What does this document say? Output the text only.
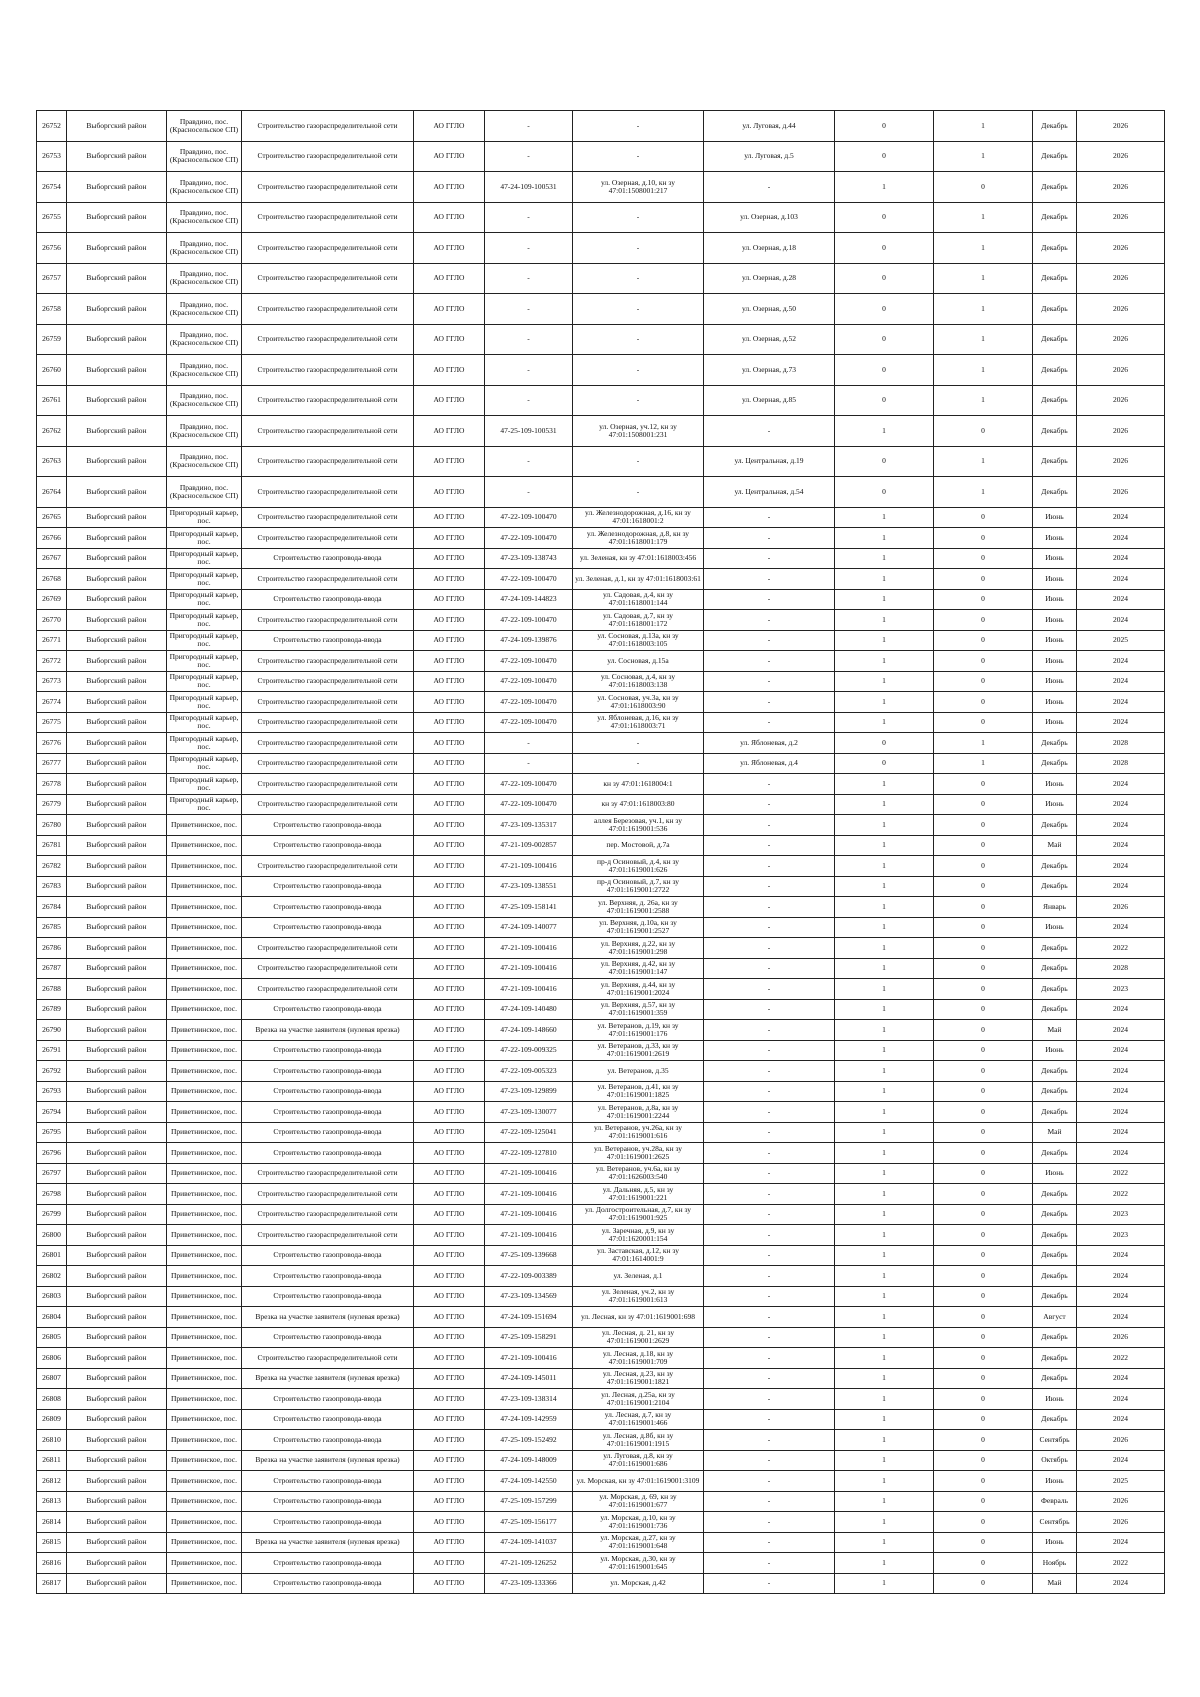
26752	Выборгский район	Правдино, пос. (Красносельское СП)	Строительство газораспределительной сети	АО ГГЛО	-	-	ул. Луговая, д.44	0	1	Декабрь	2026
26753	Выборгский район	Правдино, пос. (Красносельское СП)	Строительство газораспределительной сети	АО ГГЛО	-	-	ул. Луговая, д.5	0	1	Декабрь	2026
26754	Выборгский район	Правдино, пос. (Красносельское СП)	Строительство газораспределительной сети	АО ГГЛО	47-24-109-100531	ул. Озерная, д.10, кн зу 47:01:1508001:217	-	1	0	Декабрь	2026
26755	Выборгский район	Правдино, пос. (Красносельское СП)	Строительство газораспределительной сети	АО ГГЛО	-	-	ул. Озерная, д.103	0	1	Декабрь	2026
26756	Выборгский район	Правдино, пос. (Красносельское СП)	Строительство газораспределительной сети	АО ГГЛО	-	-	ул. Озерная, д.18	0	1	Декабрь	2026
26757	Выборгский район	Правдино, пос. (Красносельское СП)	Строительство газораспределительной сети	АО ГГЛО	-	-	ул. Озерная, д.28	0	1	Декабрь	2026
26758	Выборгский район	Правдино, пос. (Красносельское СП)	Строительство газораспределительной сети	АО ГГЛО	-	-	ул. Озерная, д.50	0	1	Декабрь	2026
26759	Выборгский район	Правдино, пос. (Красносельское СП)	Строительство газораспределительной сети	АО ГГЛО	-	-	ул. Озерная, д.52	0	1	Декабрь	2026
26760	Выборгский район	Правдино, пос. (Красносельское СП)	Строительство газораспределительной сети	АО ГГЛО	-	-	ул. Озерная, д.73	0	1	Декабрь	2026
26761	Выборгский район	Правдино, пос. (Красносельское СП)	Строительство газораспределительной сети	АО ГГЛО	-	-	ул. Озерная, д.85	0	1	Декабрь	2026
26762	Выборгский район	Правдино, пос. (Красносельское СП)	Строительство газораспределительной сети	АО ГГЛО	47-25-109-100531	ул. Озерная, уч.12, кн зу 47:01:1508001:231	-	1	0	Декабрь	2026
26763	Выборгский район	Правдино, пос. (Красносельское СП)	Строительство газораспределительной сети	АО ГГЛО	-	-	ул. Центральная, д.19	0	1	Декабрь	2026
26764	Выборгский район	Правдино, пос. (Красносельское СП)	Строительство газораспределительной сети	АО ГГЛО	-	-	ул. Центральная, д.54	0	1	Декабрь	2026
26765	Выборгский район	Пригородный карьер, пос.	Строительство газораспределительной сети	АО ГГЛО	47-22-109-100470	ул. Железнодорожная, д.16, кн зу 47:01:1618001:2	-	1	0	Июнь	2024
26766	Выборгский район	Пригородный карьер, пос.	Строительство газораспределительной сети	АО ГГЛО	47-22-109-100470	ул. Железнодорожная, д.8, кн зу 47:01:1618001:179	-	1	0	Июнь	2024
26767	Выборгский район	Пригородный карьер, пос.	Строительство газопровода-ввода	АО ГГЛО	47-23-109-138743	ул. Зеленая, кн зу 47:01:1618003:456	-	1	0	Июнь	2024
26768	Выборгский район	Пригородный карьер, пос.	Строительство газораспределительной сети	АО ГГЛО	47-22-109-100470	ул. Зеленая, д.1, кн зу 47:01:1618003:61	-	1	0	Июнь	2024
26769	Выборгский район	Пригородный карьер, пос.	Строительство газопровода-ввода	АО ГГЛО	47-24-109-144823	ул. Садовая, д.4, кн зу 47:01:1618001:144	-	1	0	Июнь	2024
26770	Выборгский район	Пригородный карьер, пос.	Строительство газораспределительной сети	АО ГГЛО	47-22-109-100470	ул. Садовая, д.7, кн зу 47:01:1618001:172	-	1	0	Июнь	2024
26771	Выборгский район	Пригородный карьер, пос.	Строительство газопровода-ввода	АО ГГЛО	47-24-109-139876	ул. Сосновая, д.13а, кн зу 47:01:1618003:105	-	1	0	Июнь	2025
26772	Выборгский район	Пригородный карьер, пос.	Строительство газораспределительной сети	АО ГГЛО	47-22-109-100470	ул. Сосновая, д.15а	-	1	0	Июнь	2024
26773	Выборгский район	Пригородный карьер, пос.	Строительство газораспределительной сети	АО ГГЛО	47-22-109-100470	ул. Сосновая, д.4, кн зу 47:01:1618003:138	-	1	0	Июнь	2024
26774	Выборгский район	Пригородный карьер, пос.	Строительство газораспределительной сети	АО ГГЛО	47-22-109-100470	ул. Сосновая, уч.3а, кн зу 47:01:1618003:90	-	1	0	Июнь	2024
26775	Выборгский район	Пригородный карьер, пос.	Строительство газораспределительной сети	АО ГГЛО	47-22-109-100470	ул. Яблоневая, д.16, кн зу 47:01:1618003:71	-	1	0	Июнь	2024
26776	Выборгский район	Пригородный карьер, пос.	Строительство газораспределительной сети	АО ГГЛО	-	-	ул. Яблоневая, д.2	0	1	Декабрь	2028
26777	Выборгский район	Пригородный карьер, пос.	Строительство газораспределительной сети	АО ГГЛО	-	-	ул. Яблоневая, д.4	0	1	Декабрь	2028
26778	Выборгский район	Пригородный карьер, пос.	Строительство газораспределительной сети	АО ГГЛО	47-22-109-100470	кн зу 47:01:1618004:1	-	1	0	Июнь	2024
26779	Выборгский район	Пригородный карьер, пос.	Строительство газораспределительной сети	АО ГГЛО	47-22-109-100470	кн зу 47:01:1618003:80	-	1	0	Июнь	2024
26780	Выборгский район	Приветнинское, пос.	Строительство газопровода-ввода	АО ГГЛО	47-23-109-135317	аллея Березовая, уч.1, кн зу 47:01:1619001:536	-	1	0	Декабрь	2024
26781	Выборгский район	Приветнинское, пос.	Строительство газопровода-ввода	АО ГГЛО	47-21-109-002857	пер. Мостовой, д.7а	-	1	0	Май	2024
26782	Выборгский район	Приветнинское, пос.	Строительство газораспределительной сети	АО ГГЛО	47-21-109-100416	пр-д Осиновый, д.4, кн зу 47:01:1619001:626	-	1	0	Декабрь	2024
26783	Выборгский район	Приветнинское, пос.	Строительство газопровода-ввода	АО ГГЛО	47-23-109-138551	пр-д Осиновый, д.7, кн зу 47:01:1619001:2722	-	1	0	Декабрь	2024
26784	Выборгский район	Приветнинское, пос.	Строительство газопровода-ввода	АО ГГЛО	47-25-109-158141	ул. Верхняя, д. 26а, кн зу 47:01:1619001:2588	-	1	0	Январь	2026
26785	Выборгский район	Приветнинское, пос.	Строительство газопровода-ввода	АО ГГЛО	47-24-109-140077	ул. Верхняя, д.10а, кн зу 47:01:1619001:2527	-	1	0	Июнь	2024
26786	Выборгский район	Приветнинское, пос.	Строительство газораспределительной сети	АО ГГЛО	47-21-109-100416	ул. Верхняя, д.22, кн зу 47:01:1619001:298	-	1	0	Декабрь	2022
26787	Выборгский район	Приветнинское, пос.	Строительство газораспределительной сети	АО ГГЛО	47-21-109-100416	ул. Верхняя, д.42, кн зу 47:01:1619001:147	-	1	0	Декабрь	2028
26788	Выборгский район	Приветнинское, пос.	Строительство газораспределительной сети	АО ГГЛО	47-21-109-100416	ул. Верхняя, д.44, кн зу 47:01:1619001:2024	-	1	0	Декабрь	2023
26789	Выборгский район	Приветнинское, пос.	Строительство газопровода-ввода	АО ГГЛО	47-24-109-140480	ул. Верхняя, д.57, кн зу 47:01:1619001:359	-	1	0	Декабрь	2024
26790	Выборгский район	Приветнинское, пос.	Врезка на участке заявителя (нулевая врезка)	АО ГГЛО	47-24-109-148660	ул. Ветеранов, д.19, кн зу 47:01:1619001:176	-	1	0	Май	2024
26791	Выборгский район	Приветнинское, пос.	Строительство газопровода-ввода	АО ГГЛО	47-22-109-009325	ул. Ветеранов, д.33, кн зу 47:01:1619001:2619	-	1	0	Июнь	2024
26792	Выборгский район	Приветнинское, пос.	Строительство газопровода-ввода	АО ГГЛО	47-22-109-005323	ул. Ветеранов, д.35	-	1	0	Декабрь	2024
26793	Выборгский район	Приветнинское, пос.	Строительство газопровода-ввода	АО ГГЛО	47-23-109-129899	ул. Ветеранов, д.41, кн зу 47:01:1619001:1825	-	1	0	Декабрь	2024
26794	Выборгский район	Приветнинское, пос.	Строительство газопровода-ввода	АО ГГЛО	47-23-109-130077	ул. Ветеранов, д.8а, кн зу 47:01:1619001:2244	-	1	0	Декабрь	2024
26795	Выборгский район	Приветнинское, пос.	Строительство газопровода-ввода	АО ГГЛО	47-22-109-125041	ул. Ветеранов, уч.26а, кн зу 47:01:1619001:616	-	1	0	Май	2024
26796	Выборгский район	Приветнинское, пос.	Строительство газопровода-ввода	АО ГГЛО	47-22-109-127810	ул. Ветеранов, уч.28а, кн зу 47:01:1619001:2625	-	1	0	Декабрь	2024
26797	Выборгский район	Приветнинское, пос.	Строительство газораспределительной сети	АО ГГЛО	47-21-109-100416	ул. Ветеранов, уч.6а, кн зу 47:01:1626003:540	-	1	0	Июнь	2022
26798	Выборгский район	Приветнинское, пос.	Строительство газораспределительной сети	АО ГГЛО	47-21-109-100416	ул. Дальняя, д.5, кн зу 47:01:1619001:221	-	1	0	Декабрь	2022
26799	Выборгский район	Приветнинское, пос.	Строительство газораспределительной сети	АО ГГЛО	47-21-109-100416	ул. Долгостроительная, д.7, кн зу 47:01:1619001:925	-	1	0	Декабрь	2023
26800	Выборгский район	Приветнинское, пос.	Строительство газораспределительной сети	АО ГГЛО	47-21-109-100416	ул. Заречная, д.9, кн зу 47:01:1620001:154	-	1	0	Декабрь	2023
26801	Выборгский район	Приветнинское, пос.	Строительство газопровода-ввода	АО ГГЛО	47-25-109-139668	ул. Заставская, д.12, кн зу 47:01:1614001:9	-	1	0	Декабрь	2024
26802	Выборгский район	Приветнинское, пос.	Строительство газопровода-ввода	АО ГГЛО	47-22-109-003389	ул. Зеленая, д.1	-	1	0	Декабрь	2024
26803	Выборгский район	Приветнинское, пос.	Строительство газопровода-ввода	АО ГГЛО	47-23-109-134569	ул. Зеленая, уч.2, кн зу 47:01:1619001:613	-	1	0	Декабрь	2024
26804	Выборгский район	Приветнинское, пос.	Врезка на участке заявителя (нулевая врезка)	АО ГГЛО	47-24-109-151694	ул. Лесная, кн зу 47:01:1619001:698	-	1	0	Август	2024
26805	Выборгский район	Приветнинское, пос.	Строительство газопровода-ввода	АО ГГЛО	47-25-109-158291	ул. Лесная, д. 21, кн зу 47:01:1619001:2629	-	1	0	Декабрь	2026
26806	Выборгский район	Приветнинское, пос.	Строительство газораспределительной сети	АО ГГЛО	47-21-109-100416	ул. Лесная, д.18, кн зу 47:01:1619001:709	-	1	0	Декабрь	2022
26807	Выборгский район	Приветнинское, пос.	Врезка на участке заявителя (нулевая врезка)	АО ГГЛО	47-24-109-145011	ул. Лесная, д.23, кн зу 47:01:1619001:1821	-	1	0	Декабрь	2024
26808	Выборгский район	Приветнинское, пос.	Строительство газопровода-ввода	АО ГГЛО	47-23-109-138314	ул. Лесная, д.25а, кн зу 47:01:1619001:2104	-	1	0	Июнь	2024
26809	Выборгский район	Приветнинское, пос.	Строительство газопровода-ввода	АО ГГЛО	47-24-109-142959	ул. Лесная, д.7, кн зу 47:01:1619001:466	-	1	0	Декабрь	2024
26810	Выборгский район	Приветнинское, пос.	Строительство газопровода-ввода	АО ГГЛО	47-25-109-152492	ул. Лесная, д.8б, кн зу 47:01:1619001:1915	-	1	0	Сентябрь	2026
26811	Выборгский район	Приветнинское, пос.	Врезка на участке заявителя (нулевая врезка)	АО ГГЛО	47-24-109-148009	ул. Луговая, д.8, кн зу 47:01:1619001:686	-	1	0	Октябрь	2024
26812	Выборгский район	Приветнинское, пос.	Строительство газопровода-ввода	АО ГГЛО	47-24-109-142550	ул. Морская, кн зу 47:01:1619001:3109	-	1	0	Июнь	2025
26813	Выборгский район	Приветнинское, пос.	Строительство газопровода-ввода	АО ГГЛО	47-25-109-157299	ул. Морская, д. 69, кн зу 47:01:1619001:677	-	1	0	Февраль	2026
26814	Выборгский район	Приветнинское, пос.	Строительство газопровода-ввода	АО ГГЛО	47-25-109-156177	ул. Морская, д.10, кн зу 47:01:1619001:736	-	1	0	Сентябрь	2026
26815	Выборгский район	Приветнинское, пос.	Врезка на участке заявителя (нулевая врезка)	АО ГГЛО	47-24-109-141037	ул. Морская, д.27, кн зу 47:01:1619001:648	-	1	0	Июнь	2024
26816	Выборгский район	Приветнинское, пос.	Строительство газопровода-ввода	АО ГГЛО	47-21-109-126252	ул. Морская, д.30, кн зу 47:01:1619001:645	-	1	0	Ноябрь	2022
26817	Выборгский район	Приветнинское, пос.	Строительство газопровода-ввода	АО ГГЛО	47-23-109-133366	ул. Морская, д.42	-	1	0	Май	2024
